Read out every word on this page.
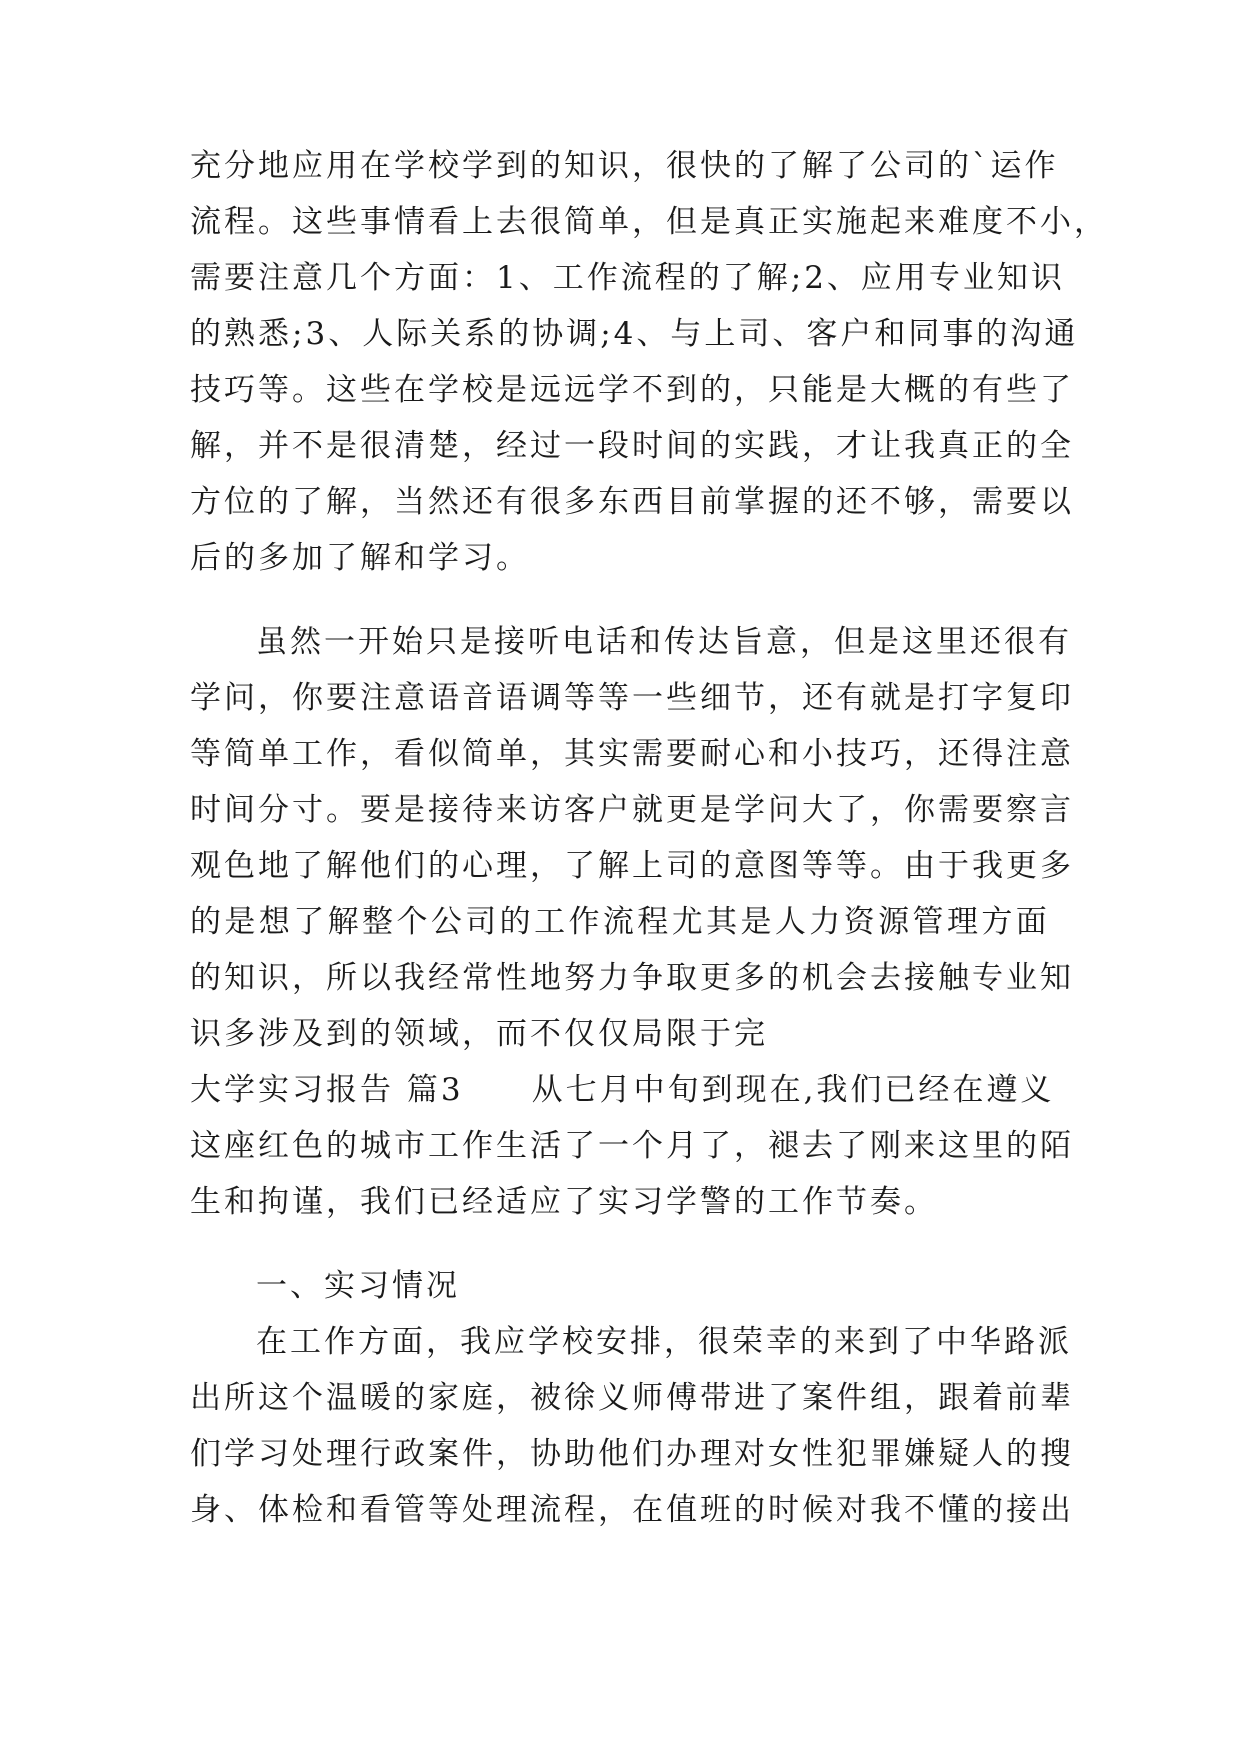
充 分 地 应 用 在 学 校 学 到 的 知 识 ， 很 快 的 了 解 了 公 司 的 ` 运 作
流 程 。 这 些 事 情 看 上 去 很 简 单 ， 但 是 真 正 实 施 起 来 难 度 不 小 ，
需 要 注 意 几 个 方 面 ： 1 、 工 作 流 程 的 了 解 ; 2 、 应 用 专 业 知 识
的 熟 悉 ; 3 、 人 际 关 系 的 协 调 ; 4 、 与 上 司 、 客 户 和 同 事 的 沟 通
技 巧 等 。 这 些 在 学 校 是 远 远 学 不 到 的 ， 只 能 是 大 概 的 有 些 了
解 ， 并 不 是 很 清 楚 ， 经 过 一 段 时 间 的 实 践 ， 才 让 我 真 正 的 全
方 位 的 了 解 ， 当 然 还 有 很 多 东 西 目 前 掌 握 的 还 不 够 ， 需 要 以
后的多加了解和学习。
虽 然 一 开 始 只 是 接 听 电 话 和 传 达 旨 意 ， 但 是 这 里 还 很 有
学 问 ， 你 要 注 意 语 音 语 调 等 等 一 些 细 节 ， 还 有 就 是 打 字 复 印
等 简 单 工 作 ， 看 似 简 单 ， 其 实 需 要 耐 心 和 小 技 巧 ， 还 得 注 意
时 间 分 寸 。 要 是 接 待 来 访 客 户 就 更 是 学 问 大 了 ， 你 需 要 察 言
观 色 地 了 解 他 们 的 心 理 ， 了 解 上 司 的 意 图 等 等 。 由 于 我 更 多
的 是 想 了 解 整 个 公 司 的 工 作 流 程 尤 其 是 人 力 资 源 管 理 方 面
的 知 识 ， 所 以 我 经 常 性 地 努 力 争 取 更 多 的 机 会 去 接 触 专 业 知
识多涉及到的领域，而不仅仅局限于完
大学实习报告 篇3　　从七月中旬到现在,我们已经在遵义
这 座 红 色 的 城 市 工 作 生 活 了 一 个 月 了 ， 褪 去 了 刚 来 这 里 的 陌
生和拘谨，我们已经适应了实习学警的工作节奏。
一、实习情况
在 工 作 方 面 ， 我 应 学 校 安 排 ， 很 荣 幸 的 来 到 了 中 华 路 派
出 所 这 个 温 暖 的 家 庭 ， 被 徐 义 师 傅 带 进 了 案 件 组 ， 跟 着 前 辈
们 学 习 处 理 行 政 案 件 ， 协 助 他 们 办 理 对 女 性 犯 罪 嫌 疑 人 的 搜
身 、 体 检 和 看 管 等 处 理 流 程 ， 在 值 班 的 时 候 对 我 不 懂 的 接 出
